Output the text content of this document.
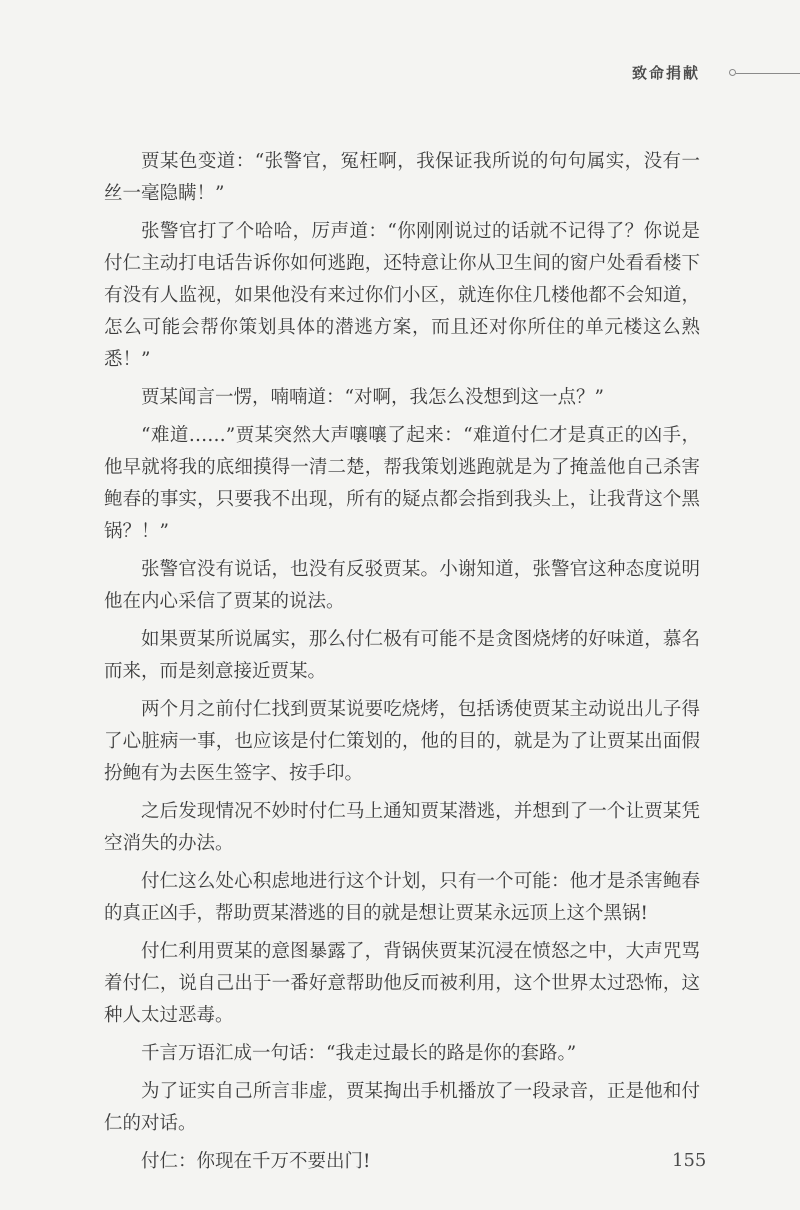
致命捐献

贾某色变道：“张警官，冤枉啊，我保证我所说的句句属实，没有一丝一毫隐瞒！”

张警官打了个哈哈，厉声道：“你刚刚说过的话就不记得了？你说是付仁主动打电话告诉你如何逃跑，还特意让你从卫生间的窗户处看看楼下有没有人监视，如果他没有来过你们小区，就连你住几楼他都不会知道，怎么可能会帮你策划具体的潜逃方案，而且还对你所住的单元楼这么熟悉！”

贾某闻言一愣，喃喃道：“对啊，我怎么没想到这一点？”

“难道……”贾某突然大声嚷嚷了起来：“难道付仁才是真正的凶手，他早就将我的底细摸得一清二楚，帮我策划逃跑就是为了掩盖他自己杀害鲍春的事实，只要我不出现，所有的疑点都会指到我头上，让我背这个黑锅？！”

张警官没有说话，也没有反驳贾某。小谢知道，张警官这种态度说明他在内心采信了贾某的说法。

如果贾某所说属实，那么付仁极有可能不是贪图烧烤的好味道，慕名而来，而是刻意接近贾某。

两个月之前付仁找到贾某说要吃烧烤，包括诱使贾某主动说出儿子得了心脏病一事，也应该是付仁策划的，他的目的，就是为了让贾某出面假扮鲍有为去医生签字、按手印。

之后发现情况不妙时付仁马上通知贾某潜逃，并想到了一个让贾某凭空消失的办法。

付仁这么处心积虑地进行这个计划，只有一个可能：他才是杀害鲍春的真正凶手，帮助贾某潜逃的目的就是想让贾某永远顶上这个黑锅!

付仁利用贾某的意图暴露了，背锅侠贾某沉浸在愤怒之中，大声咒骂着付仁，说自己出于一番好意帮助他反而被利用，这个世界太过恐怖，这种人太过恶毒。

千言万语汇成一句话：“我走过最长的路是你的套路。”

为了证实自己所言非虚，贾某掏出手机播放了一段录音，正是他和付仁的对话。

付仁：你现在千万不要出门!	155
